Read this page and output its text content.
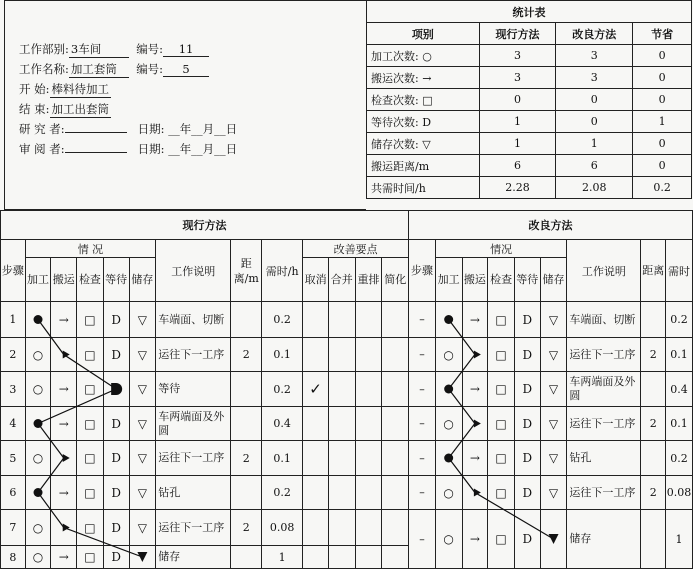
工作部别: 3车间	编号: 11
工作名称: 加工套筒 编号: 5
开 始: 棒料待加工
结 束: 加工出套筒
研 究 者:	日期: __年__月__日
审 阅 者:	日期: __年__月__日
统计表			
项别	现行方法	改良方法	节省
加工次数: ○	3	3	0
搬运次数: →	3	3	0
检查次数: □	0	0	0
等待次数: D	1	0	1
储存次数: ▽	1	1	0
搬运距离/m	6	6	0
共需时间/h	2.28	2.08	0.2
现行方法													改良方法								
步骤	情 况					工作说明	距离/m	需时/h	改善要点				步骤	情况					工作说明	距离	需时
	加工	搬运	检查	等待	储存				取消	合并	重排	简化		加工	搬运	检查	等待	储存			
1		→	□	D	▽	车端面、切断		0.2					–		→	□	D	▽	车端面、切断		0.2
2	○		□	D	▽	运往下一工序	2	0.1					–	○		□	D	▽	运往下一工序	2	0.1
3	○	→	□		▽	等待		0.2	✓				–		→	□	D	▽	车两端面及外圆		0.4
4		→	□	D	▽	车两端面及外圆		0.4					–	○		□	D	▽	运往下一工序	2	0.1
5	○		□	D	▽	运往下一工序	2	0.1					–		→	□	D	▽	钻孔		0.2
6		→	□	D	▽	钻孔		0.2					–	○		□	D	▽	运往下一工序	2	0.08
7	○		□	D	▽	运往下一工序	2	0.08					–	○	→	□	D		储存		1
8	○	→	□	D		储存		1													
